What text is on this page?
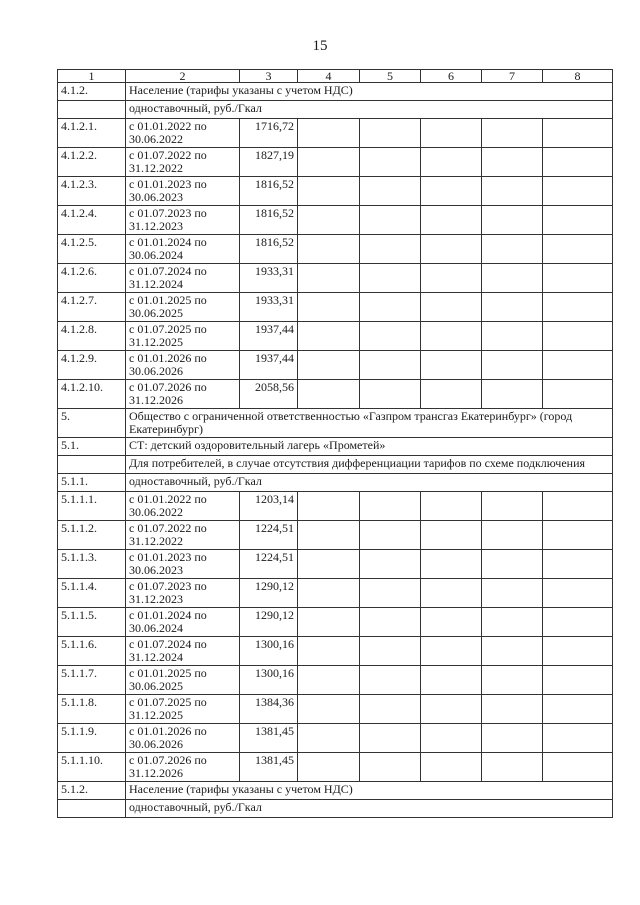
15
1	2	3	4	5	6	7	8
4.1.2.	Население (тарифы указаны с учетом НДС)						
	одноставочный, руб./Гкал						
4.1.2.1.	с 01.01.2022 по 30.06.2022	1716,72					
4.1.2.2.	с 01.07.2022 по 31.12.2022	1827,19					
4.1.2.3.	с 01.01.2023 по 30.06.2023	1816,52					
4.1.2.4.	с 01.07.2023 по 31.12.2023	1816,52					
4.1.2.5.	с 01.01.2024 по 30.06.2024	1816,52					
4.1.2.6.	с 01.07.2024 по 31.12.2024	1933,31					
4.1.2.7.	с 01.01.2025 по 30.06.2025	1933,31					
4.1.2.8.	с 01.07.2025 по 31.12.2025	1937,44					
4.1.2.9.	с 01.01.2026 по 30.06.2026	1937,44					
4.1.2.10.	с 01.07.2026 по 31.12.2026	2058,56					
5.	Общество с ограниченной ответственностью «Газпром трансгаз Екатеринбург» (город Екатеринбург)						
5.1.	СТ: детский оздоровительный лагерь «Прометей»						
	Для потребителей, в случае отсутствия дифференциации тарифов по схеме подключения						
5.1.1.	одноставочный, руб./Гкал						
5.1.1.1.	с 01.01.2022 по 30.06.2022	1203,14					
5.1.1.2.	с 01.07.2022 по 31.12.2022	1224,51					
5.1.1.3.	с 01.01.2023 по 30.06.2023	1224,51					
5.1.1.4.	с 01.07.2023 по 31.12.2023	1290,12					
5.1.1.5.	с 01.01.2024 по 30.06.2024	1290,12					
5.1.1.6.	с 01.07.2024 по 31.12.2024	1300,16					
5.1.1.7.	с 01.01.2025 по 30.06.2025	1300,16					
5.1.1.8.	с 01.07.2025 по 31.12.2025	1384,36					
5.1.1.9.	с 01.01.2026 по 30.06.2026	1381,45					
5.1.1.10.	с 01.07.2026 по 31.12.2026	1381,45					
5.1.2.	Население (тарифы указаны с учетом НДС)						
	одноставочный, руб./Гкал						
